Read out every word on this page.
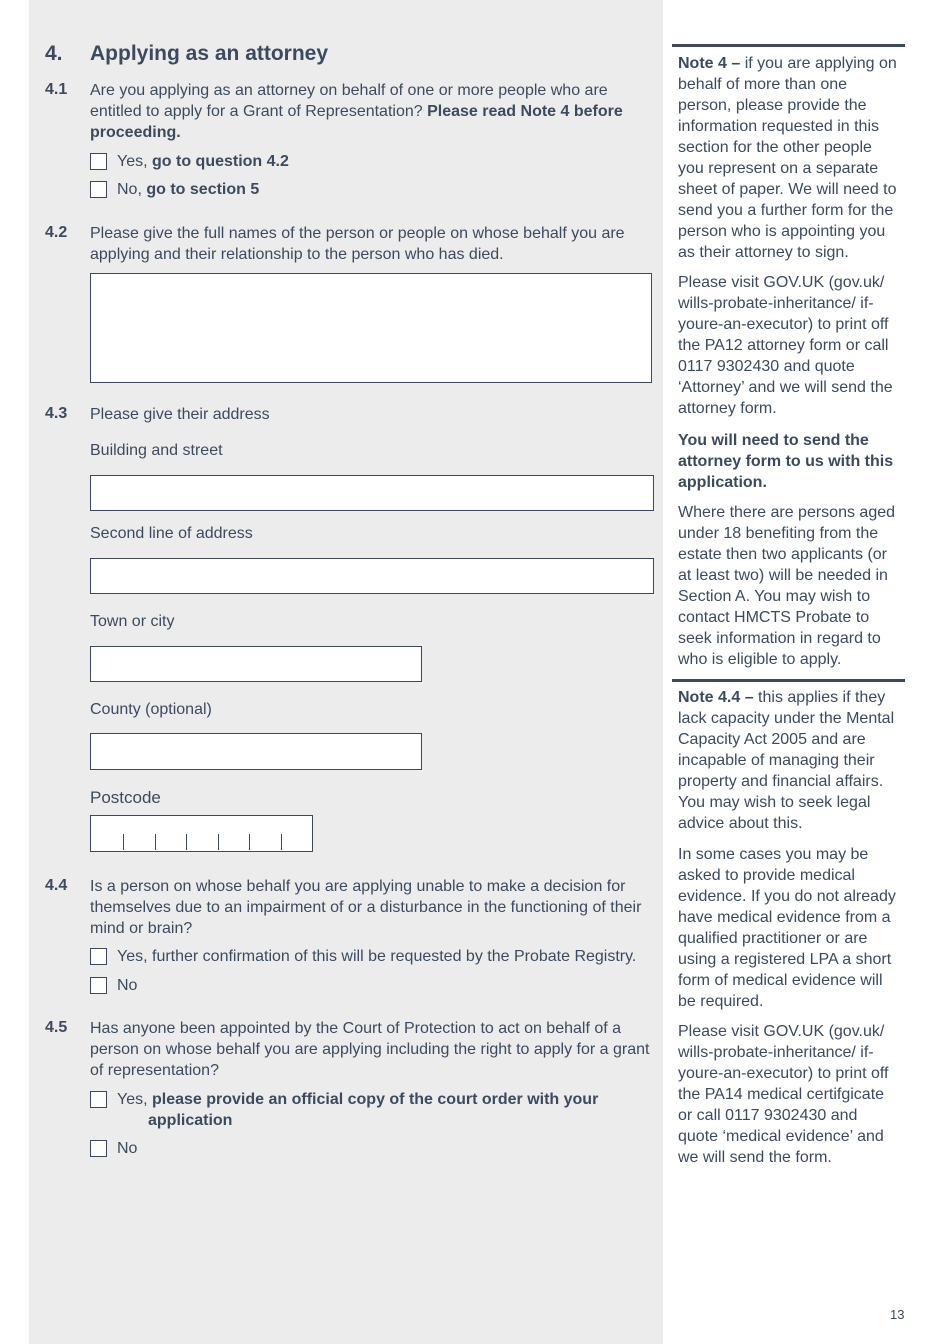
4. Applying as an attorney
4.1 Are you applying as an attorney on behalf of one or more people who are entitled to apply for a Grant of Representation? Please read Note 4 before proceeding.
Yes, go to question 4.2
No, go to section 5
4.2 Please give the full names of the person or people on whose behalf you are applying and their relationship to the person who has died.
4.3 Please give their address
Building and street
Second line of address
Town or city
County (optional)
Postcode
4.4 Is a person on whose behalf you are applying unable to make a decision for themselves due to an impairment of or a disturbance in the functioning of their mind or brain?
Yes, further confirmation of this will be requested by the Probate Registry.
No
4.5 Has anyone been appointed by the Court of Protection to act on behalf of a person on whose behalf you are applying including the right to apply for a grant of representation?
Yes, please provide an official copy of the court order with your
application
No
Note 4 – if you are applying on behalf of more than one person, please provide the information requested in this section for the other people you represent on a separate sheet of paper. We will need to send you a further form for the person who is appointing you as their attorney to sign.
Please visit GOV.UK (gov.uk/ wills-probate-inheritance/ if-youre-an-executor) to print off the PA12 attorney form or call 0117 9302430 and quote ‘Attorney’ and we will send the attorney form.
You will need to send the attorney form to us with this application.
Where there are persons aged under 18 benefiting from the estate then two applicants (or at least two) will be needed in Section A. You may wish to contact HMCTS Probate to seek information in regard to who is eligible to apply.
Note 4.4 – this applies if they lack capacity under the Mental Capacity Act 2005 and are incapable of managing their property and financial affairs. You may wish to seek legal advice about this.
In some cases you may be asked to provide medical evidence. If you do not already have medical evidence from a qualified practitioner or are using a registered LPA a short form of medical evidence will be required.
Please visit GOV.UK (gov.uk/ wills-probate-inheritance/ if-youre-an-executor) to print off the PA14 medical certifgicate or call 0117 9302430 and quote ‘medical evidence’ and we will send the form.
13
